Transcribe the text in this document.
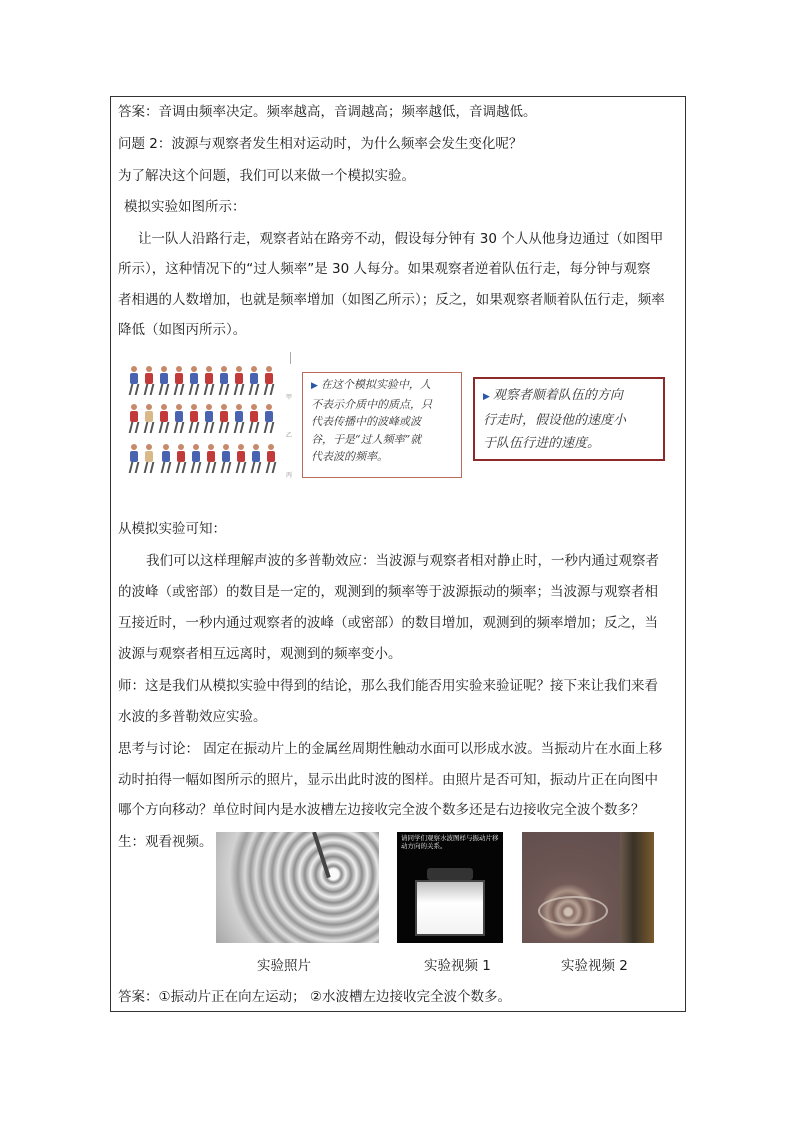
答案：音调由频率决定。频率越高，音调越高；频率越低，音调越低。
问题 2：波源与观察者发生相对运动时，为什么频率会发生变化呢？
为了解决这个问题，我们可以来做一个模拟实验。
模拟实验如图所示：
让一队人沿路行走，观察者站在路旁不动，假设每分钟有 30 个人从他身边通过（如图甲
所示），这种情况下的“过人频率”是 30 人每分。如果观察者逆着队伍行走，每分钟与观察
者相遇的人数增加，也就是频率增加（如图乙所示）；反之，如果观察者顺着队伍行走，频率
降低（如图丙所示）。
甲
乙
丙
▶ 在这个模拟实验中，人
不表示介质中的质点，只
代表传播中的波峰或波
谷，于是“过人频率”就
代表波的频率。
▶ 观察者顺着队伍的方向
行走时，假设他的速度小
于队伍行进的速度。
从模拟实验可知：
我们可以这样理解声波的多普勒效应：当波源与观察者相对静止时，一秒内通过观察者
的波峰（或密部）的数目是一定的，观测到的频率等于波源振动的频率；当波源与观察者相
互接近时，一秒内通过观察者的波峰（或密部）的数目增加，观测到的频率增加；反之，当
波源与观察者相互远离时，观测到的频率变小。
师：这是我们从模拟实验中得到的结论，那么我们能否用实验来验证呢？接下来让我们来看
水波的多普勒效应实验。
思考与讨论： 固定在振动片上的金属丝周期性触动水面可以形成水波。当振动片在水面上移
动时拍得一幅如图所示的照片，显示出此时波的图样。由照片是否可知，振动片正在向图中
哪个方向移动？单位时间内是水波槽左边接收完全波个数多还是右边接收完全波个数多？
生：观看视频。	请同学们观察水波图样与振动片移动方向的关系。
实验照片	实验视频 1	实验视频 2
答案：①振动片正在向左运动； ②水波槽左边接收完全波个数多。
